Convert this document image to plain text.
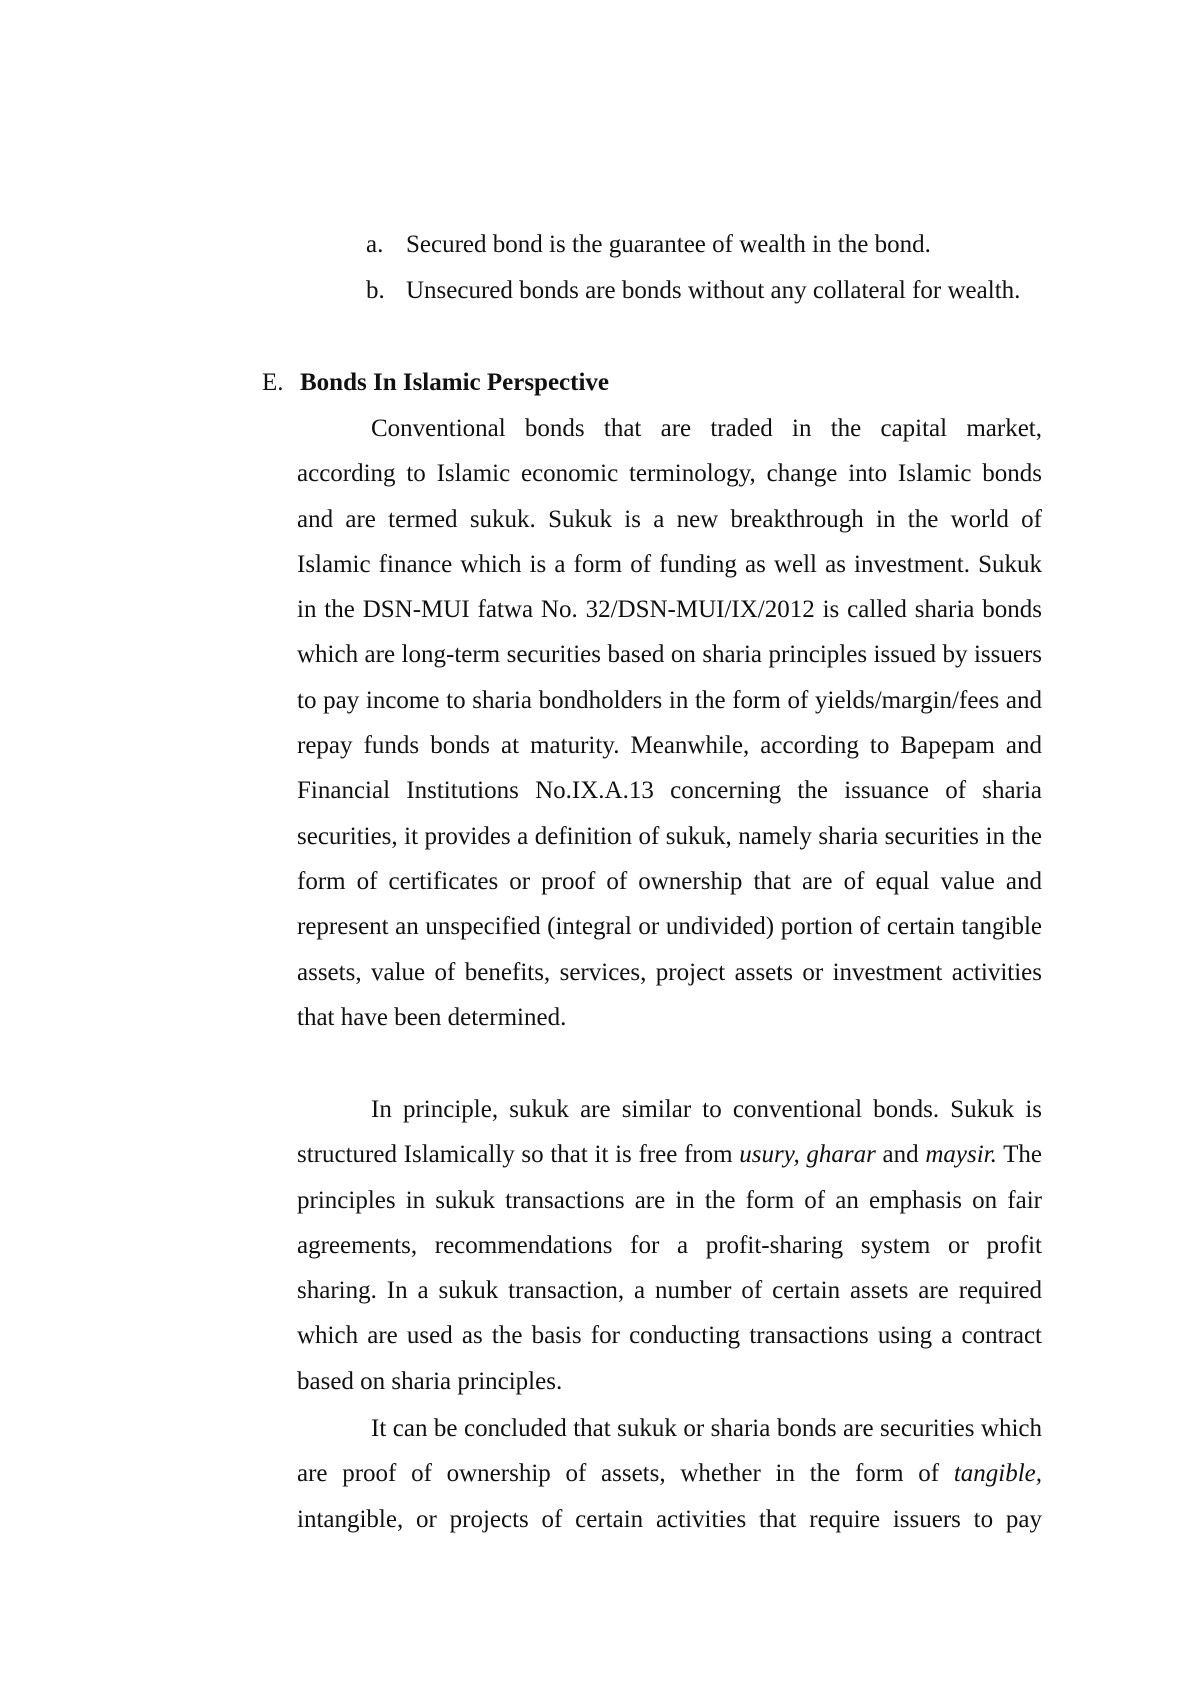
a. Secured bond is the guarantee of wealth in the bond.
b. Unsecured bonds are bonds without any collateral for wealth.
E. Bonds In Islamic Perspective

Conventional bonds that are traded in the capital market, according to Islamic economic terminology, change into Islamic bonds and are termed sukuk. Sukuk is a new breakthrough in the world of Islamic finance which is a form of funding as well as investment. Sukuk in the DSN-MUI fatwa No. 32/DSN-MUI/IX/2012 is called sharia bonds which are long-term securities based on sharia principles issued by issuers to pay income to sharia bondholders in the form of yields/margin/fees and repay funds bonds at maturity. Meanwhile, according to Bapepam and Financial Institutions No.IX.A.13 concerning the issuance of sharia securities, it provides a definition of sukuk, namely sharia securities in the form of certificates or proof of ownership that are of equal value and represent an unspecified (integral or undivided) portion of certain tangible assets, value of benefits, services, project assets or investment activities that have been determined.

In principle, sukuk are similar to conventional bonds. Sukuk is structured Islamically so that it is free from usury, gharar and maysir. The principles in sukuk transactions are in the form of an emphasis on fair agreements, recommendations for a profit-sharing system or profit sharing. In a sukuk transaction, a number of certain assets are required which are used as the basis for conducting transactions using a contract based on sharia principles.

It can be concluded that sukuk or sharia bonds are securities which are proof of ownership of assets, whether in the form of tangible, intangible, or projects of certain activities that require issuers to pay
